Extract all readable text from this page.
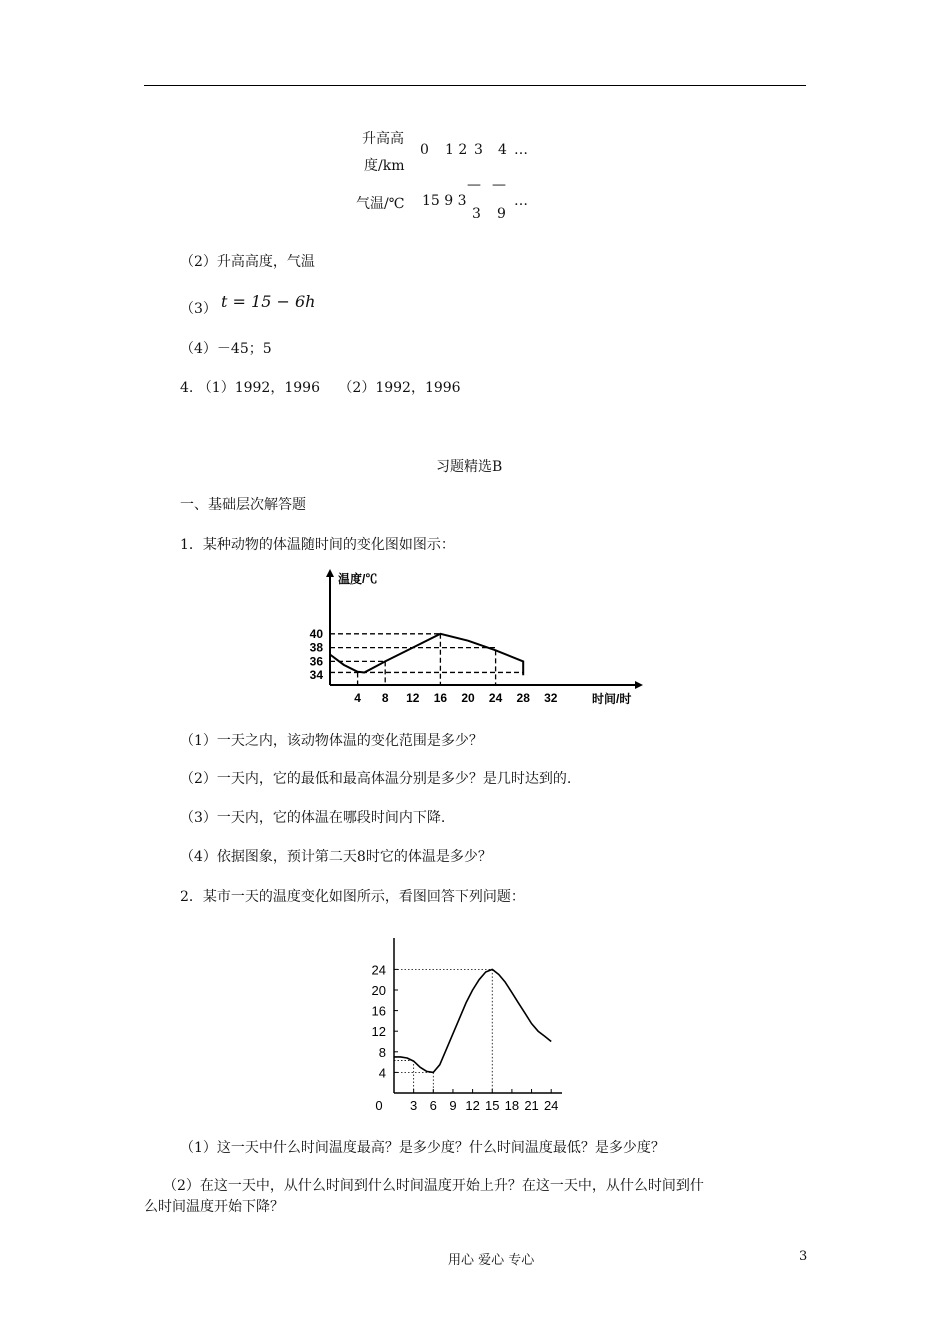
升高高
度/km
0 1 2 3 4 …
气温/℃ 15 9 3
— —
…
3 9
（2）升高高度，气温
（3） t = 15 − 6h
（4）－45；5
4. （1）1992，1996　 （2）1992，1996
习题精选B
一、基础层次解答题
1．某种动物的体温随时间的变化图如图示：
4 8 12 16 20 24 28 32
34
36
38
40
温度/℃
时间/时
（1）一天之内，该动物体温的变化范围是多少？
（2）一天内，它的最低和最高体温分别是多少？是几时达到的.
（3）一天内，它的体温在哪段时间内下降.
（4）依据图象，预计第二天8时它的体温是多少？
2．某市一天的温度变化如图所示，看图回答下列问题：
0 3 6 9 12 15 18 21 24
4
8
12
16
20
24
（1）这一天中什么时间温度最高？是多少度？什么时间温度最低？是多少度？
（2）在这一天中，从什么时间到什么时间温度开始上升？在这一天中，从什么时间到什
么时间温度开始下降？
用心 爱心 专心	3
